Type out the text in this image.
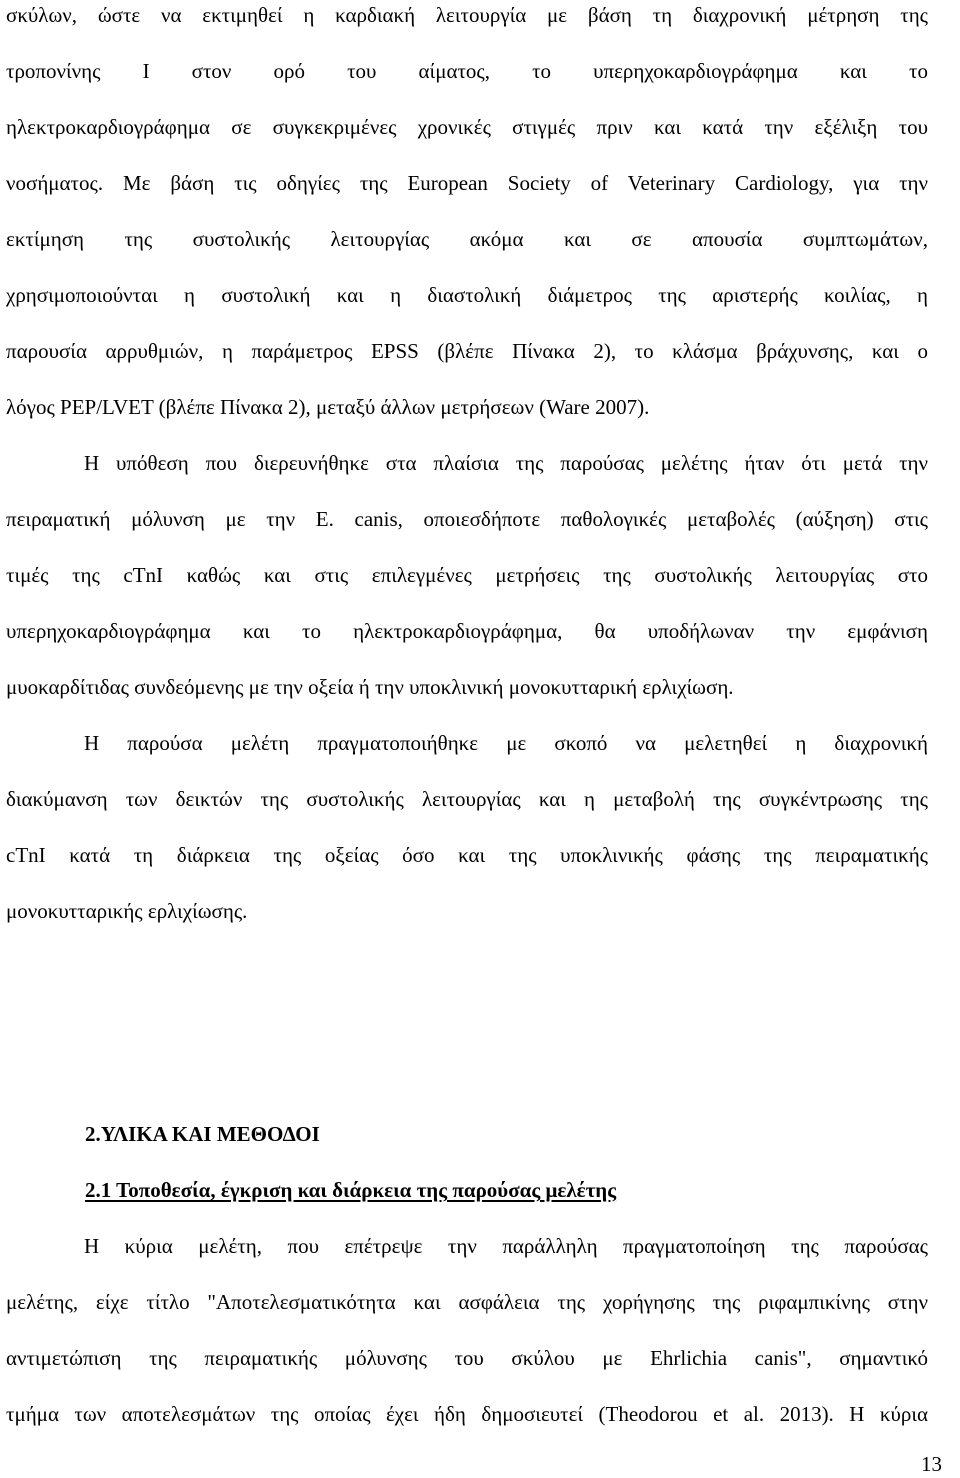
σκύλων, ώστε να εκτιμηθεί η καρδιακή λειτουργία με βάση τη διαχρονική μέτρηση της
τροπονίνης I στον ορό του αίματος, το υπερηχοκαρδιογράφημα και το
ηλεκτροκαρδιογράφημα σε συγκεκριμένες χρονικές στιγμές πριν και κατά την εξέλιξη του
νοσήματος. Με βάση τις οδηγίες της European Society of Veterinary Cardiology, για την
εκτίμηση της συστολικής λειτουργίας ακόμα και σε απουσία συμπτωμάτων,
χρησιμοποιούνται η συστολική και η διαστολική διάμετρος της αριστερής κοιλίας, η
παρουσία αρρυθμιών, η παράμετρος EPSS (βλέπε Πίνακα 2), το κλάσμα βράχυνσης, και ο
λόγος PEP/LVET (βλέπε Πίνακα 2), μεταξύ άλλων μετρήσεων (Ware 2007).
Η υπόθεση που διερευνήθηκε στα πλαίσια της παρούσας μελέτης ήταν ότι μετά την
πειραματική μόλυνση με την E. canis, οποιεσδήποτε παθολογικές μεταβολές (αύξηση) στις
τιμές της cTnI καθώς και στις επιλεγμένες μετρήσεις της συστολικής λειτουργίας στο
υπερηχοκαρδιογράφημα και το ηλεκτροκαρδιογράφημα, θα υποδήλωναν την εμφάνιση
μυοκαρδίτιδας συνδεόμενης με την οξεία ή την υποκλινική μονοκυτταρική ερλιχίωση.
Η παρούσα μελέτη πραγματοποιήθηκε με σκοπό να μελετηθεί η διαχρονική
διακύμανση των δεικτών της συστολικής λειτουργίας και η μεταβολή της συγκέντρωσης της
cTnI κατά τη διάρκεια της οξείας όσο και της υποκλινικής φάσης της πειραματικής
μονοκυτταρικής ερλιχίωσης.
2.ΥΛΙΚΑ ΚΑΙ ΜΕΘΟΔΟΙ
2.1 Τοποθεσία, έγκριση και διάρκεια της παρούσας μελέτης
Η κύρια μελέτη, που επέτρεψε την παράλληλη πραγματοποίηση της παρούσας
μελέτης, είχε τίτλο "Αποτελεσματικότητα και ασφάλεια της χορήγησης της ριφαμπικίνης στην
αντιμετώπιση της πειραματικής μόλυνσης του σκύλου με Ehrlichia canis", σημαντικό
τμήμα των αποτελεσμάτων της οποίας έχει ήδη δημοσιευτεί (Theodorou et al. 2013). Η κύρια
13
